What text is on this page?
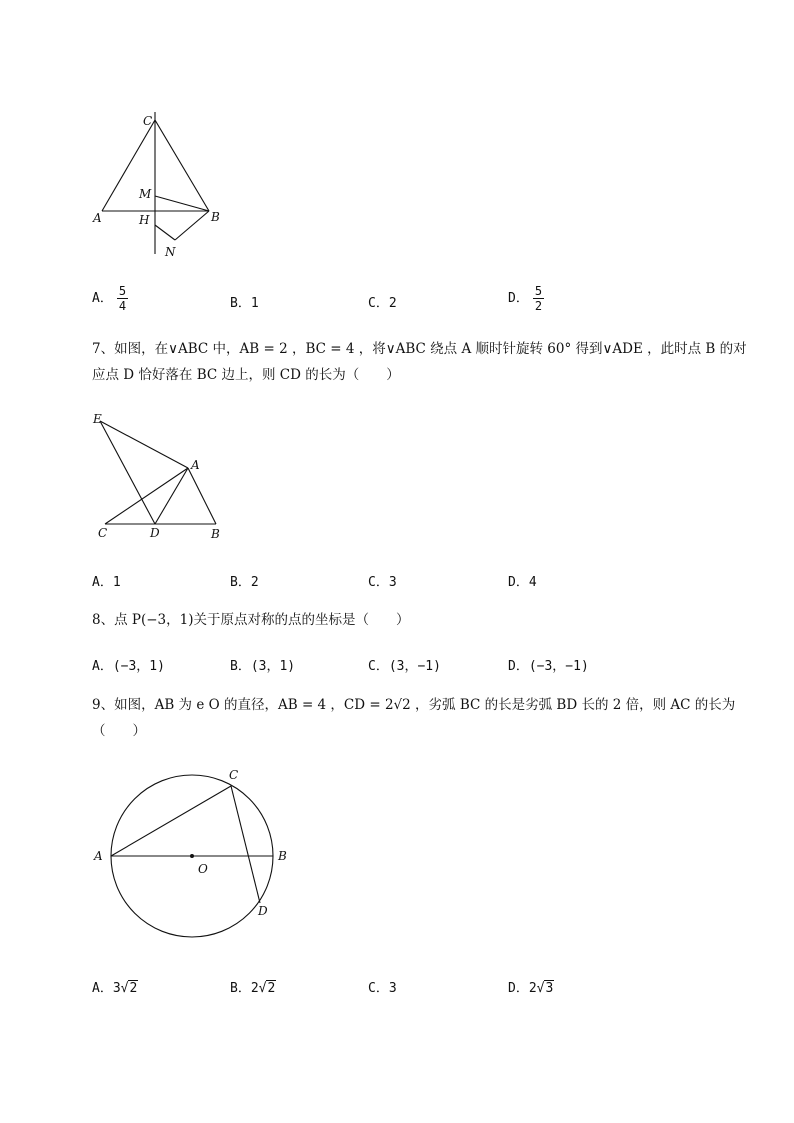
C
M
A	H	B
N
A． $\frac{5}{4}$	B．1	C．2	D． $\frac{5}{2}$
7、如图，在∨ABC 中，AB = 2 ，BC = 4 ，将∨ABC 绕点 A 顺时针旋转 60° 得到∨ADE ，此时点 B 的对
应点 D 恰好落在 BC 边上，则 CD 的长为（　　）
E
A
C	D	B
A．1	B．2	C．3	D．4
8、点 P(−3，1)关于原点对称的点的坐标是（　　）
A．(−3，1)	B．(3，1)	C．(3，−1)	D．(−3，−1)
9、如图，AB 为 e O 的直径，AB = 4 ，CD = 2√2 ，劣弧 BC 的长是劣弧 BD 长的 2 倍，则 AC 的长为
（　　）
C
A
O
B
D
A．3√2	B．2√2	C．3	D．2√3
